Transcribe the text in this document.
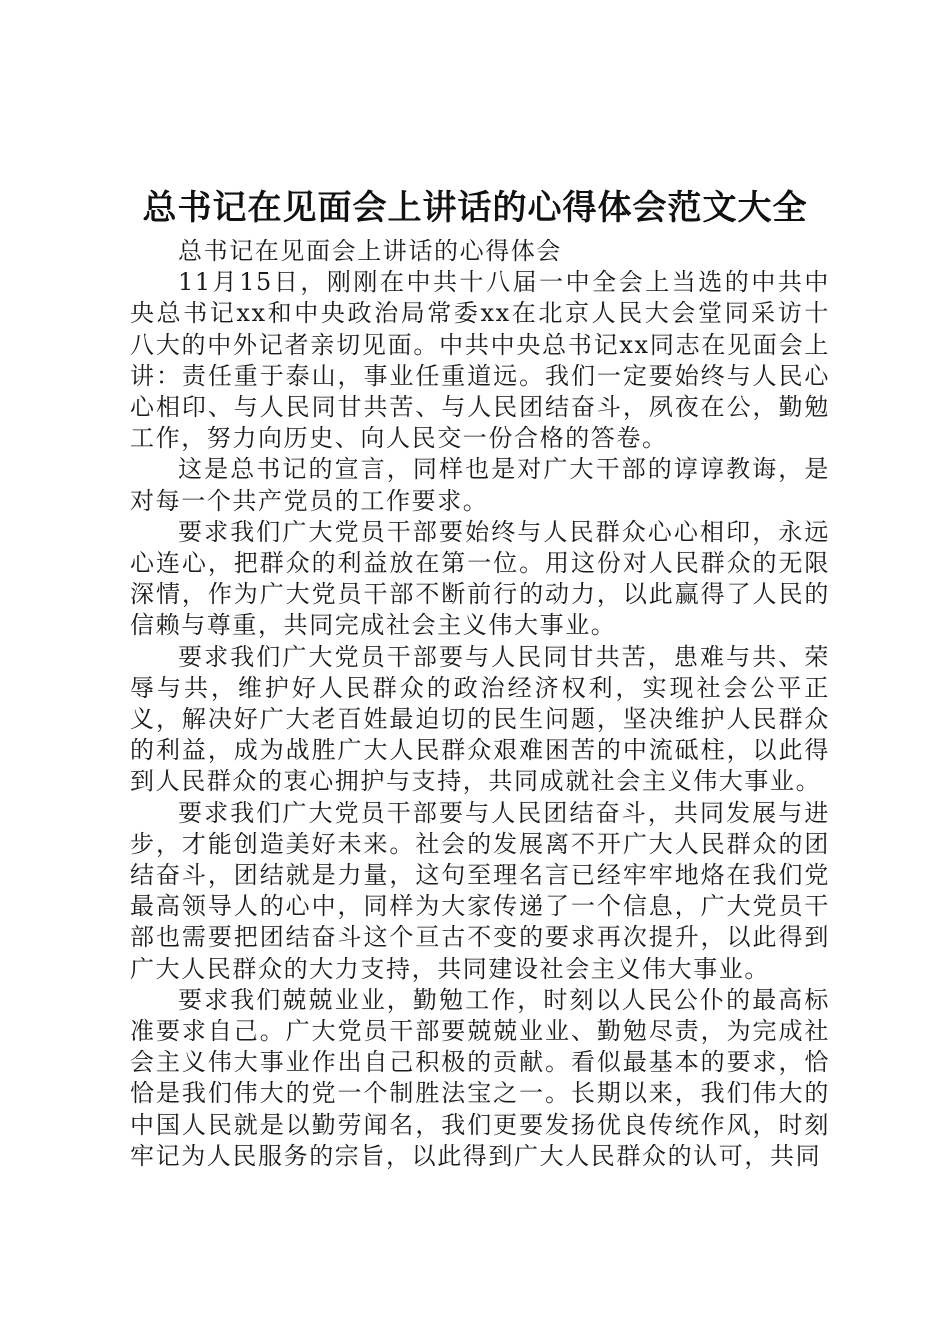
总书记在见面会上讲话的心得体会范文大全
总书记在见面会上讲话的心得体会

11月15日，刚刚在中共十八届一中全会上当选的中共中央总书记xx和中央政治局常委xx在北京人民大会堂同采访十八大的中外记者亲切见面。中共中央总书记xx同志在见面会上讲：责任重于泰山，事业任重道远。我们一定要始终与人民心心相印、与人民同甘共苦、与人民团结奋斗，夙夜在公，勤勉工作，努力向历史、向人民交一份合格的答卷。

这是总书记的宣言，同样也是对广大干部的谆谆教诲，是对每一个共产党员的工作要求。

要求我们广大党员干部要始终与人民群众心心相印，永远心连心，把群众的利益放在第一位。用这份对人民群众的无限深情，作为广大党员干部不断前行的动力，以此赢得了人民的信赖与尊重，共同完成社会主义伟大事业。

要求我们广大党员干部要与人民同甘共苦，患难与共、荣辱与共，维护好人民群众的政治经济权利，实现社会公平正义，解决好广大老百姓最迫切的民生问题，坚决维护人民群众的利益，成为战胜广大人民群众艰难困苦的中流砥柱，以此得到人民群众的衷心拥护与支持，共同成就社会主义伟大事业。

要求我们广大党员干部要与人民团结奋斗，共同发展与进步，才能创造美好未来。社会的发展离不开广大人民群众的团结奋斗，团结就是力量，这句至理名言已经牢牢地烙在我们党最高领导人的心中，同样为大家传递了一个信息，广大党员干部也需要把团结奋斗这个亘古不变的要求再次提升，以此得到广大人民群众的大力支持，共同建设社会主义伟大事业。

要求我们兢兢业业，勤勉工作，时刻以人民公仆的最高标准要求自己。广大党员干部要兢兢业业、勤勉尽责，为完成社会主义伟大事业作出自己积极的贡献。看似最基本的要求，恰恰是我们伟大的党一个制胜法宝之一。长期以来，我们伟大的中国人民就是以勤劳闻名，我们更要发扬优良传统作风，时刻牢记为人民服务的宗旨，以此得到广大人民群众的认可，共同
